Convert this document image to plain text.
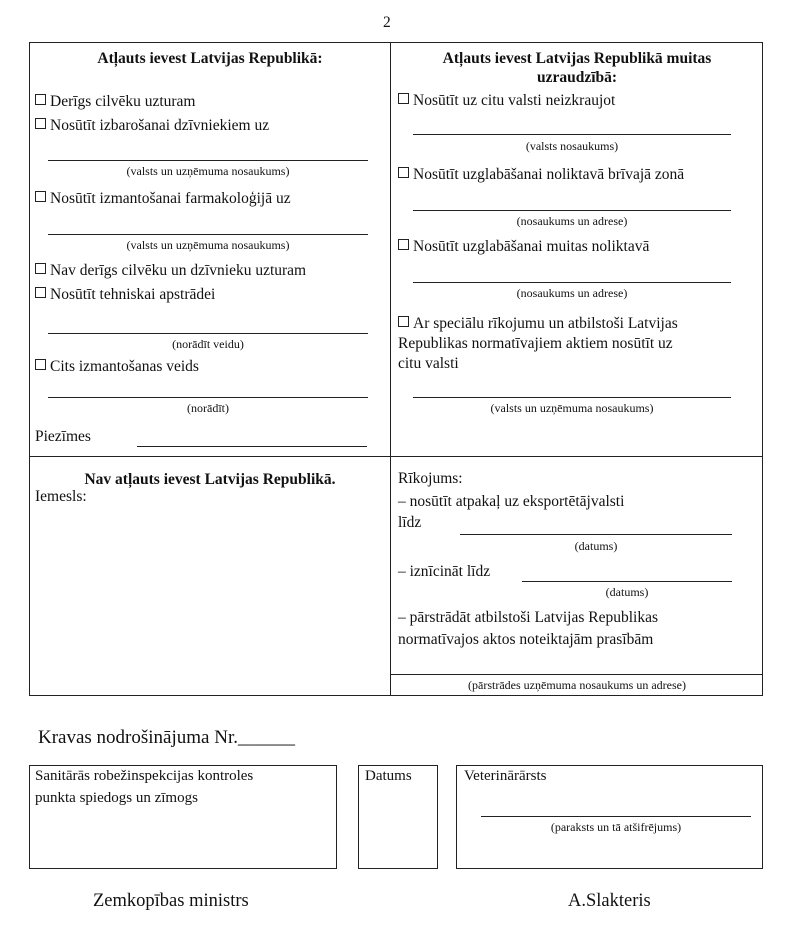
2
Atļauts ievest Latvijas Republikā:
Derīgs cilvēku uzturam
Nosūtīt izbarošanai dzīvniekiem uz
(valsts un uzņēmuma nosaukums)
Nosūtīt izmantošanai farmakoloģijā uz
(valsts un uzņēmuma nosaukums)
Nav derīgs cilvēku un dzīvnieku uzturam
Nosūtīt tehniskai apstrādei
(norādīt veidu)
Cits izmantošanas veids
(norādīt)
Piezīmes
Atļauts ievest Latvijas Republikā muitas
uzraudzībā:
Nosūtīt uz citu valsti neizkraujot
(valsts nosaukums)
Nosūtīt uzglabāšanai noliktavā brīvajā zonā
(nosaukums un adrese)
Nosūtīt uzglabāšanai muitas noliktavā
(nosaukums un adrese)
Ar speciālu rīkojumu un atbilstoši Latvijas
Republikas normatīvajiem aktiem nosūtīt uz
citu valsti
(valsts un uzņēmuma nosaukums)
Nav atļauts ievest Latvijas Republikā.
Iemesls:
Rīkojums:
– nosūtīt atpakaļ uz eksportētājvalsti
līdz
(datums)
– iznīcināt līdz
(datums)
– pārstrādāt atbilstoši Latvijas Republikas
normatīvajos aktos noteiktajām prasībām
(pārstrādes uzņēmuma nosaukums un adrese)
Kravas nodrošinājuma Nr.______
Sanitārās robežinspekcijas kontroles
punkta spiedogs un zīmogs
Datums	Veterinārārsts
(paraksts un tā atšifrējums)
Zemkopības ministrs	A.Slakteris
